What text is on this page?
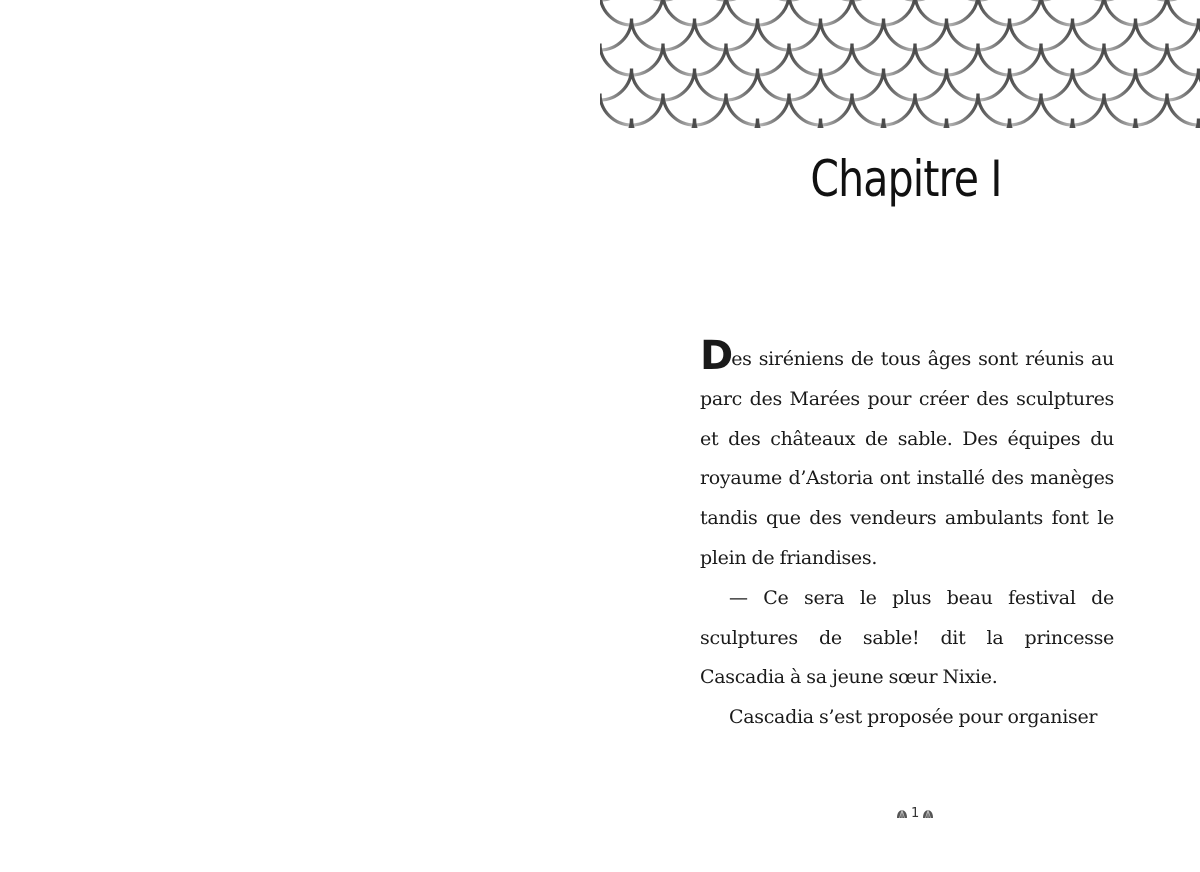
Chapitre I

Des siréniens de tous âges sont réunis au parc des Marées pour créer des sculptures et des châteaux de sable. Des équipes du royaume d’Astoria ont installé des manèges tandis que des vendeurs ambulants font le plein de friandises.

— Ce sera le plus beau festival de sculptures de sable! dit la princesse Cascadia à sa jeune sœur Nixie.

Cascadia s’est proposée pour organiser

1
